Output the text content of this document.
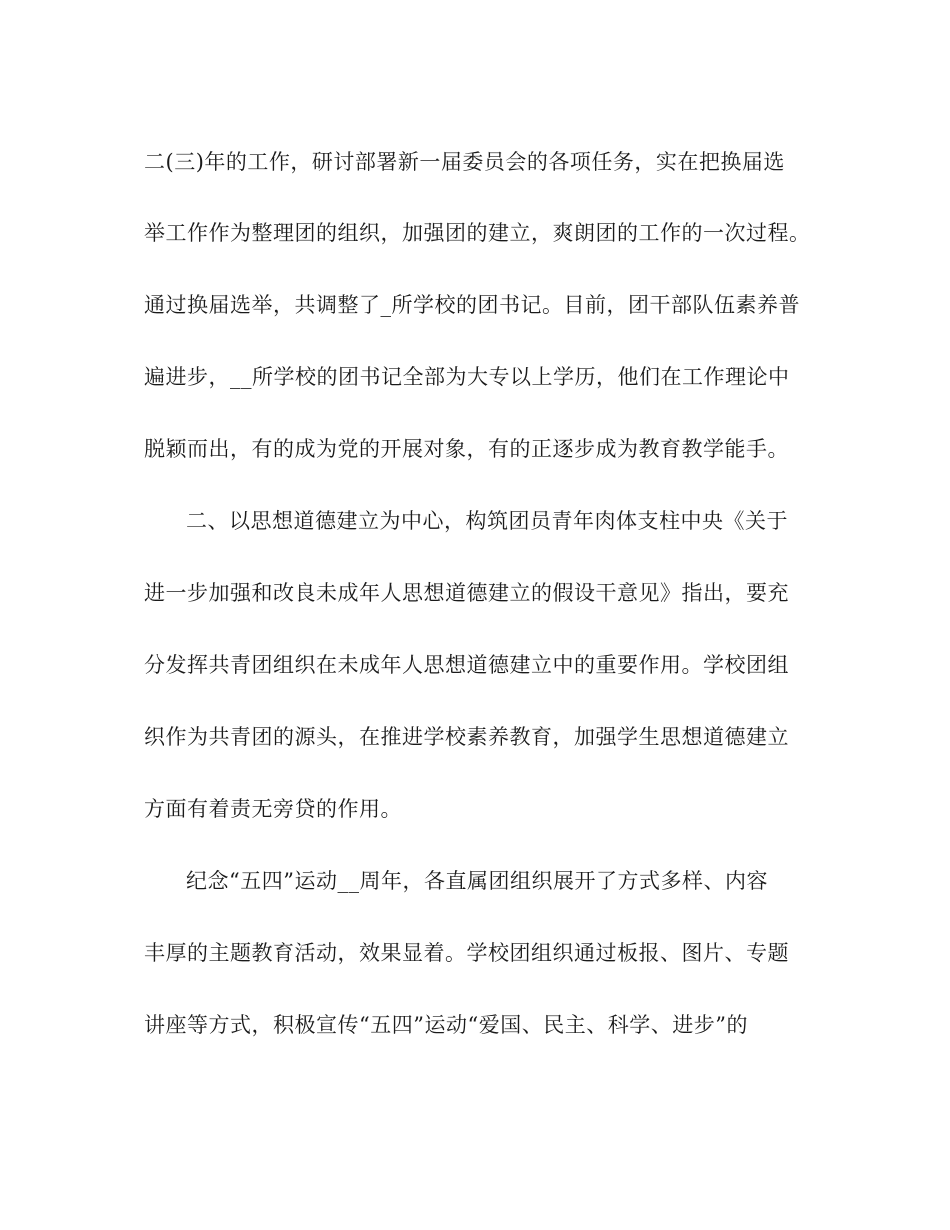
二(三)年的工作，研讨部署新一届委员会的各项任务，实在把换届选
举工作作为整理团的组织，加强团的建立，爽朗团的工作的一次过程。
通过换届选举，共调整了_所学校的团书记。目前，团干部队伍素养普
遍进步，__所学校的团书记全部为大专以上学历，他们在工作理论中
脱颖而出，有的成为党的开展对象，有的正逐步成为教育教学能手。
二、以思想道德建立为中心，构筑团员青年肉体支柱中央《关于
进一步加强和改良未成年人思想道德建立的假设干意见》指出，要充
分发挥共青团组织在未成年人思想道德建立中的重要作用。学校团组
织作为共青团的源头，在推进学校素养教育，加强学生思想道德建立
方面有着责无旁贷的作用。
纪念“五四”运动__周年，各直属团组织展开了方式多样、内容
丰厚的主题教育活动，效果显着。学校团组织通过板报、图片、专题
讲座等方式，积极宣传“五四”运动“爱国、民主、科学、进步”的
